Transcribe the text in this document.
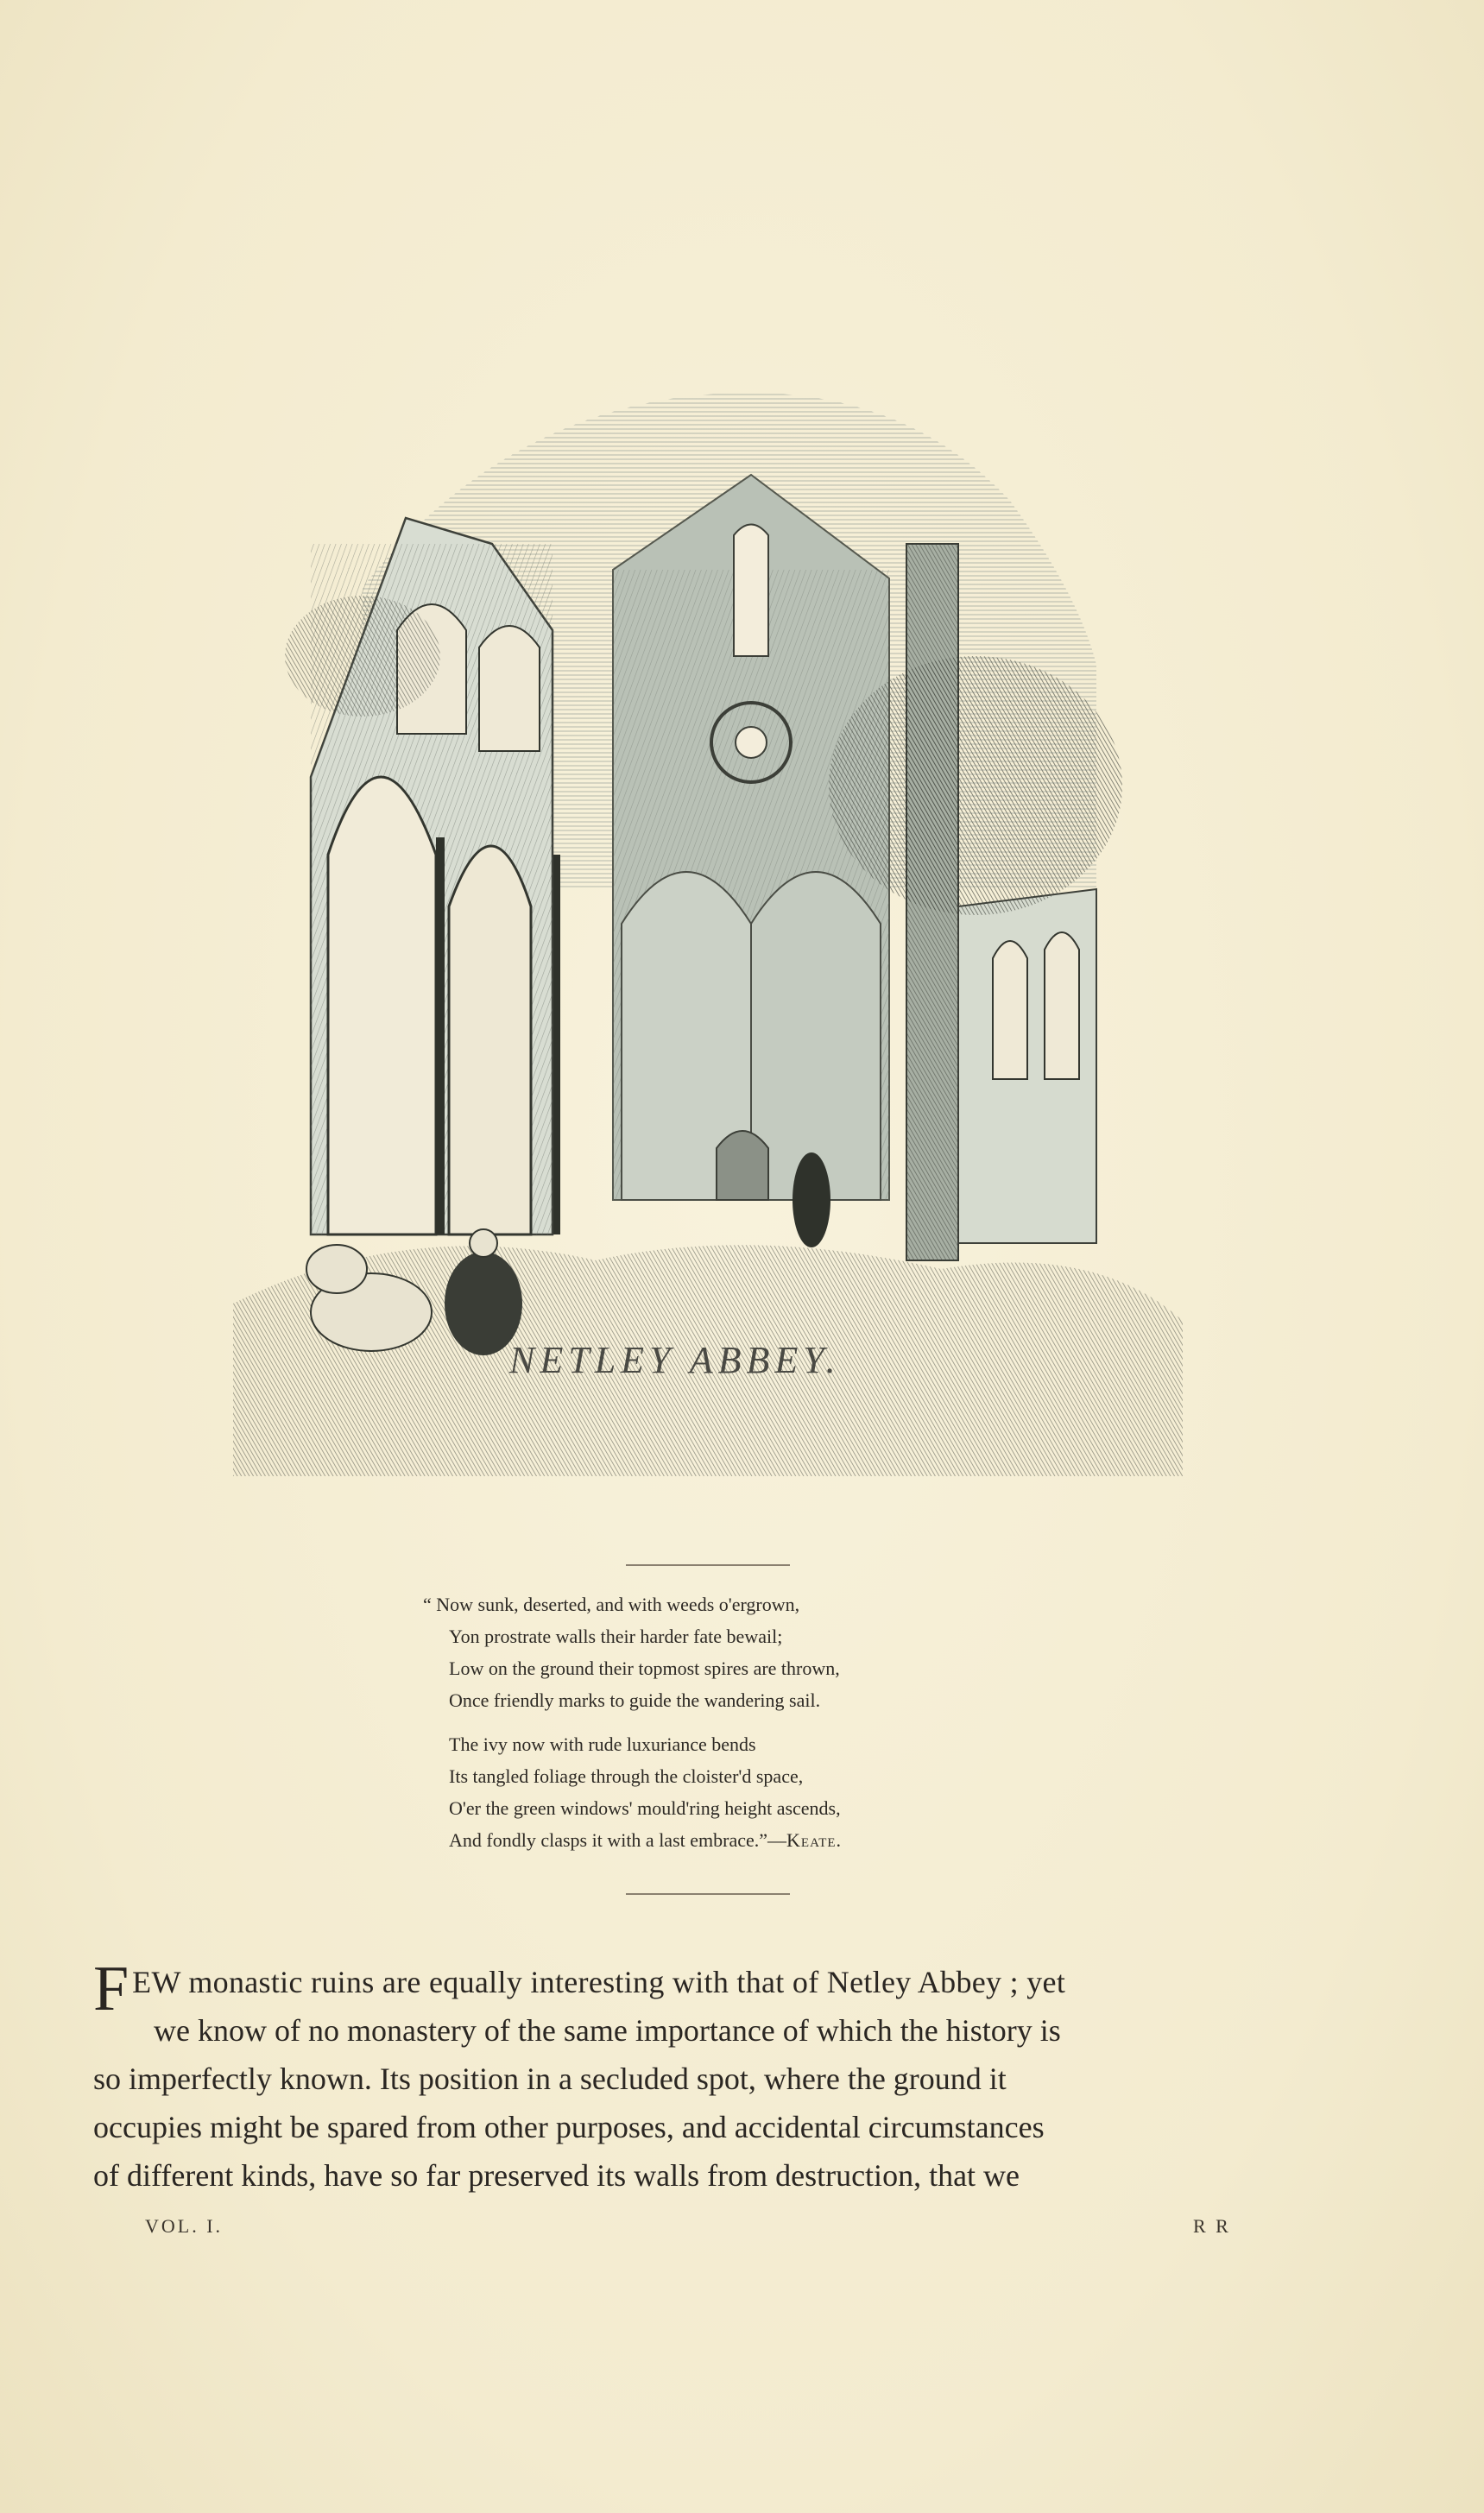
NETLEY ABBEY.
“ Now sunk, deserted, and with weeds o'ergrown,
Yon prostrate walls their harder fate bewail;
Low on the ground their topmost spires are thrown,
Once friendly marks to guide the wandering sail.
The ivy now with rude luxuriance bends
Its tangled foliage through the cloister'd space,
O'er the green windows' mould'ring height ascends,
And fondly clasps it with a last embrace.”—Keate.
F EW monastic ruins are equally interesting with that of Netley Abbey ; yet
we know of no monastery of the same importance of which the history is
so imperfectly known. Its position in a secluded spot, where the ground it
occupies might be spared from other purposes, and accidental circumstances
of different kinds, have so far preserved its walls from destruction, that we
VOL. I.	R R
